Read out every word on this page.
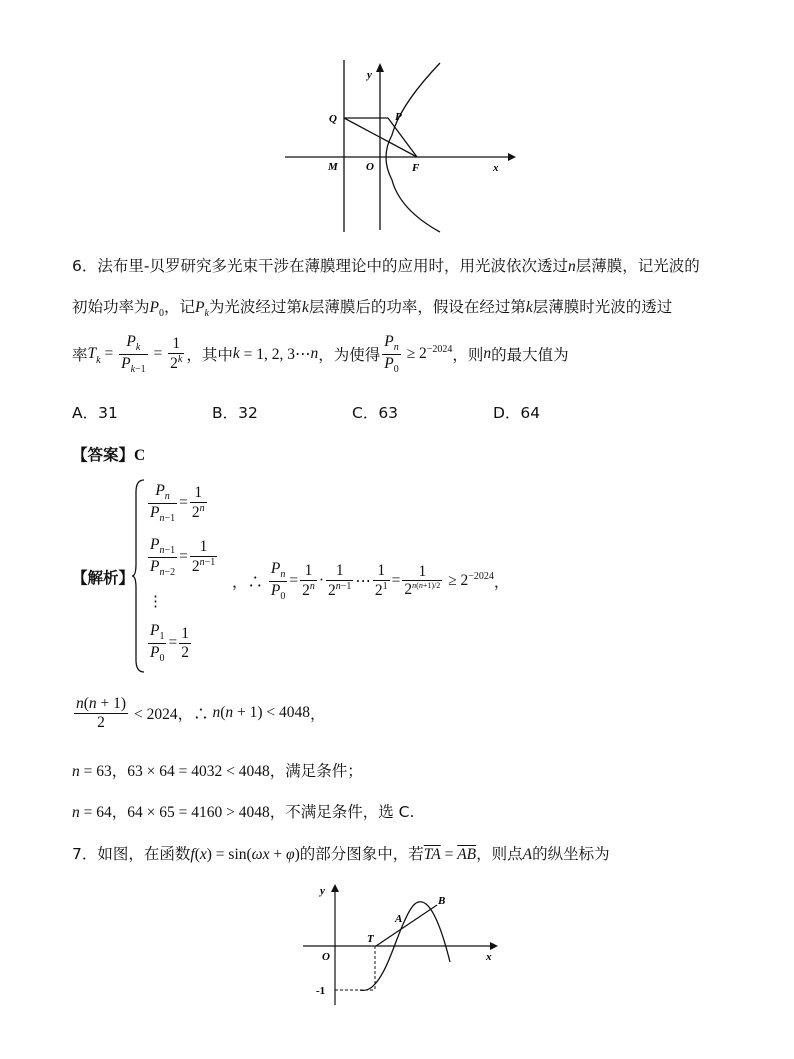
y
Q	P
M	O	F	x
6．法布里-贝罗研究多光束干涉在薄膜理论中的应用时，用光波依次透过n层薄膜，记光波的
初始功率为$P_0$，记$P_k$为光波经过第k层薄膜后的功率，假设在经过第k层薄膜时光波的透过
率 $T_k = \frac{P_k}{P_{k-1}} = \frac{1}{2^k}$ ，其中 k = 1, 2, 3⋯ n ，为使得 $\frac{P_n}{P_0} \ge 2^{-2024}$ ，则 n 的最大值为
A．31	B．32	C．63	D．64
【答案】C
【解析】
$\frac{P_n}{P_{n-1}} = \frac{1}{2^n}$
$\frac{P_{n-1}}{P_{n-2}} = \frac{1}{2^{n-1}}$
⋮
$\frac{P_1}{P_0} = \frac{1}{2}$
，∴ $\frac{P_n}{P_0} = \frac{1}{2^n} \cdot \frac{1}{2^{n-1}}$ ⋯ $\frac{1}{2^1} = \frac{1}{2^{n(n+1)/2}} \ge 2^{-2024}$ ，
$\frac{n(n + 1)}{2} < 2024$，∴ n ( n + 1) < 4048 ，
n = 63，63 × 64 = 4032 < 4048，满足条件；
n = 64，64 × 65 = 4160 > 4048，不满足条件，选 C.
7．如图，在函数f(x) = sin(ωx + φ)的部分图象中，若$\overline{TA} = \overline{AB}$，则点A的纵坐标为
y
A
B
T
O	x
-1
